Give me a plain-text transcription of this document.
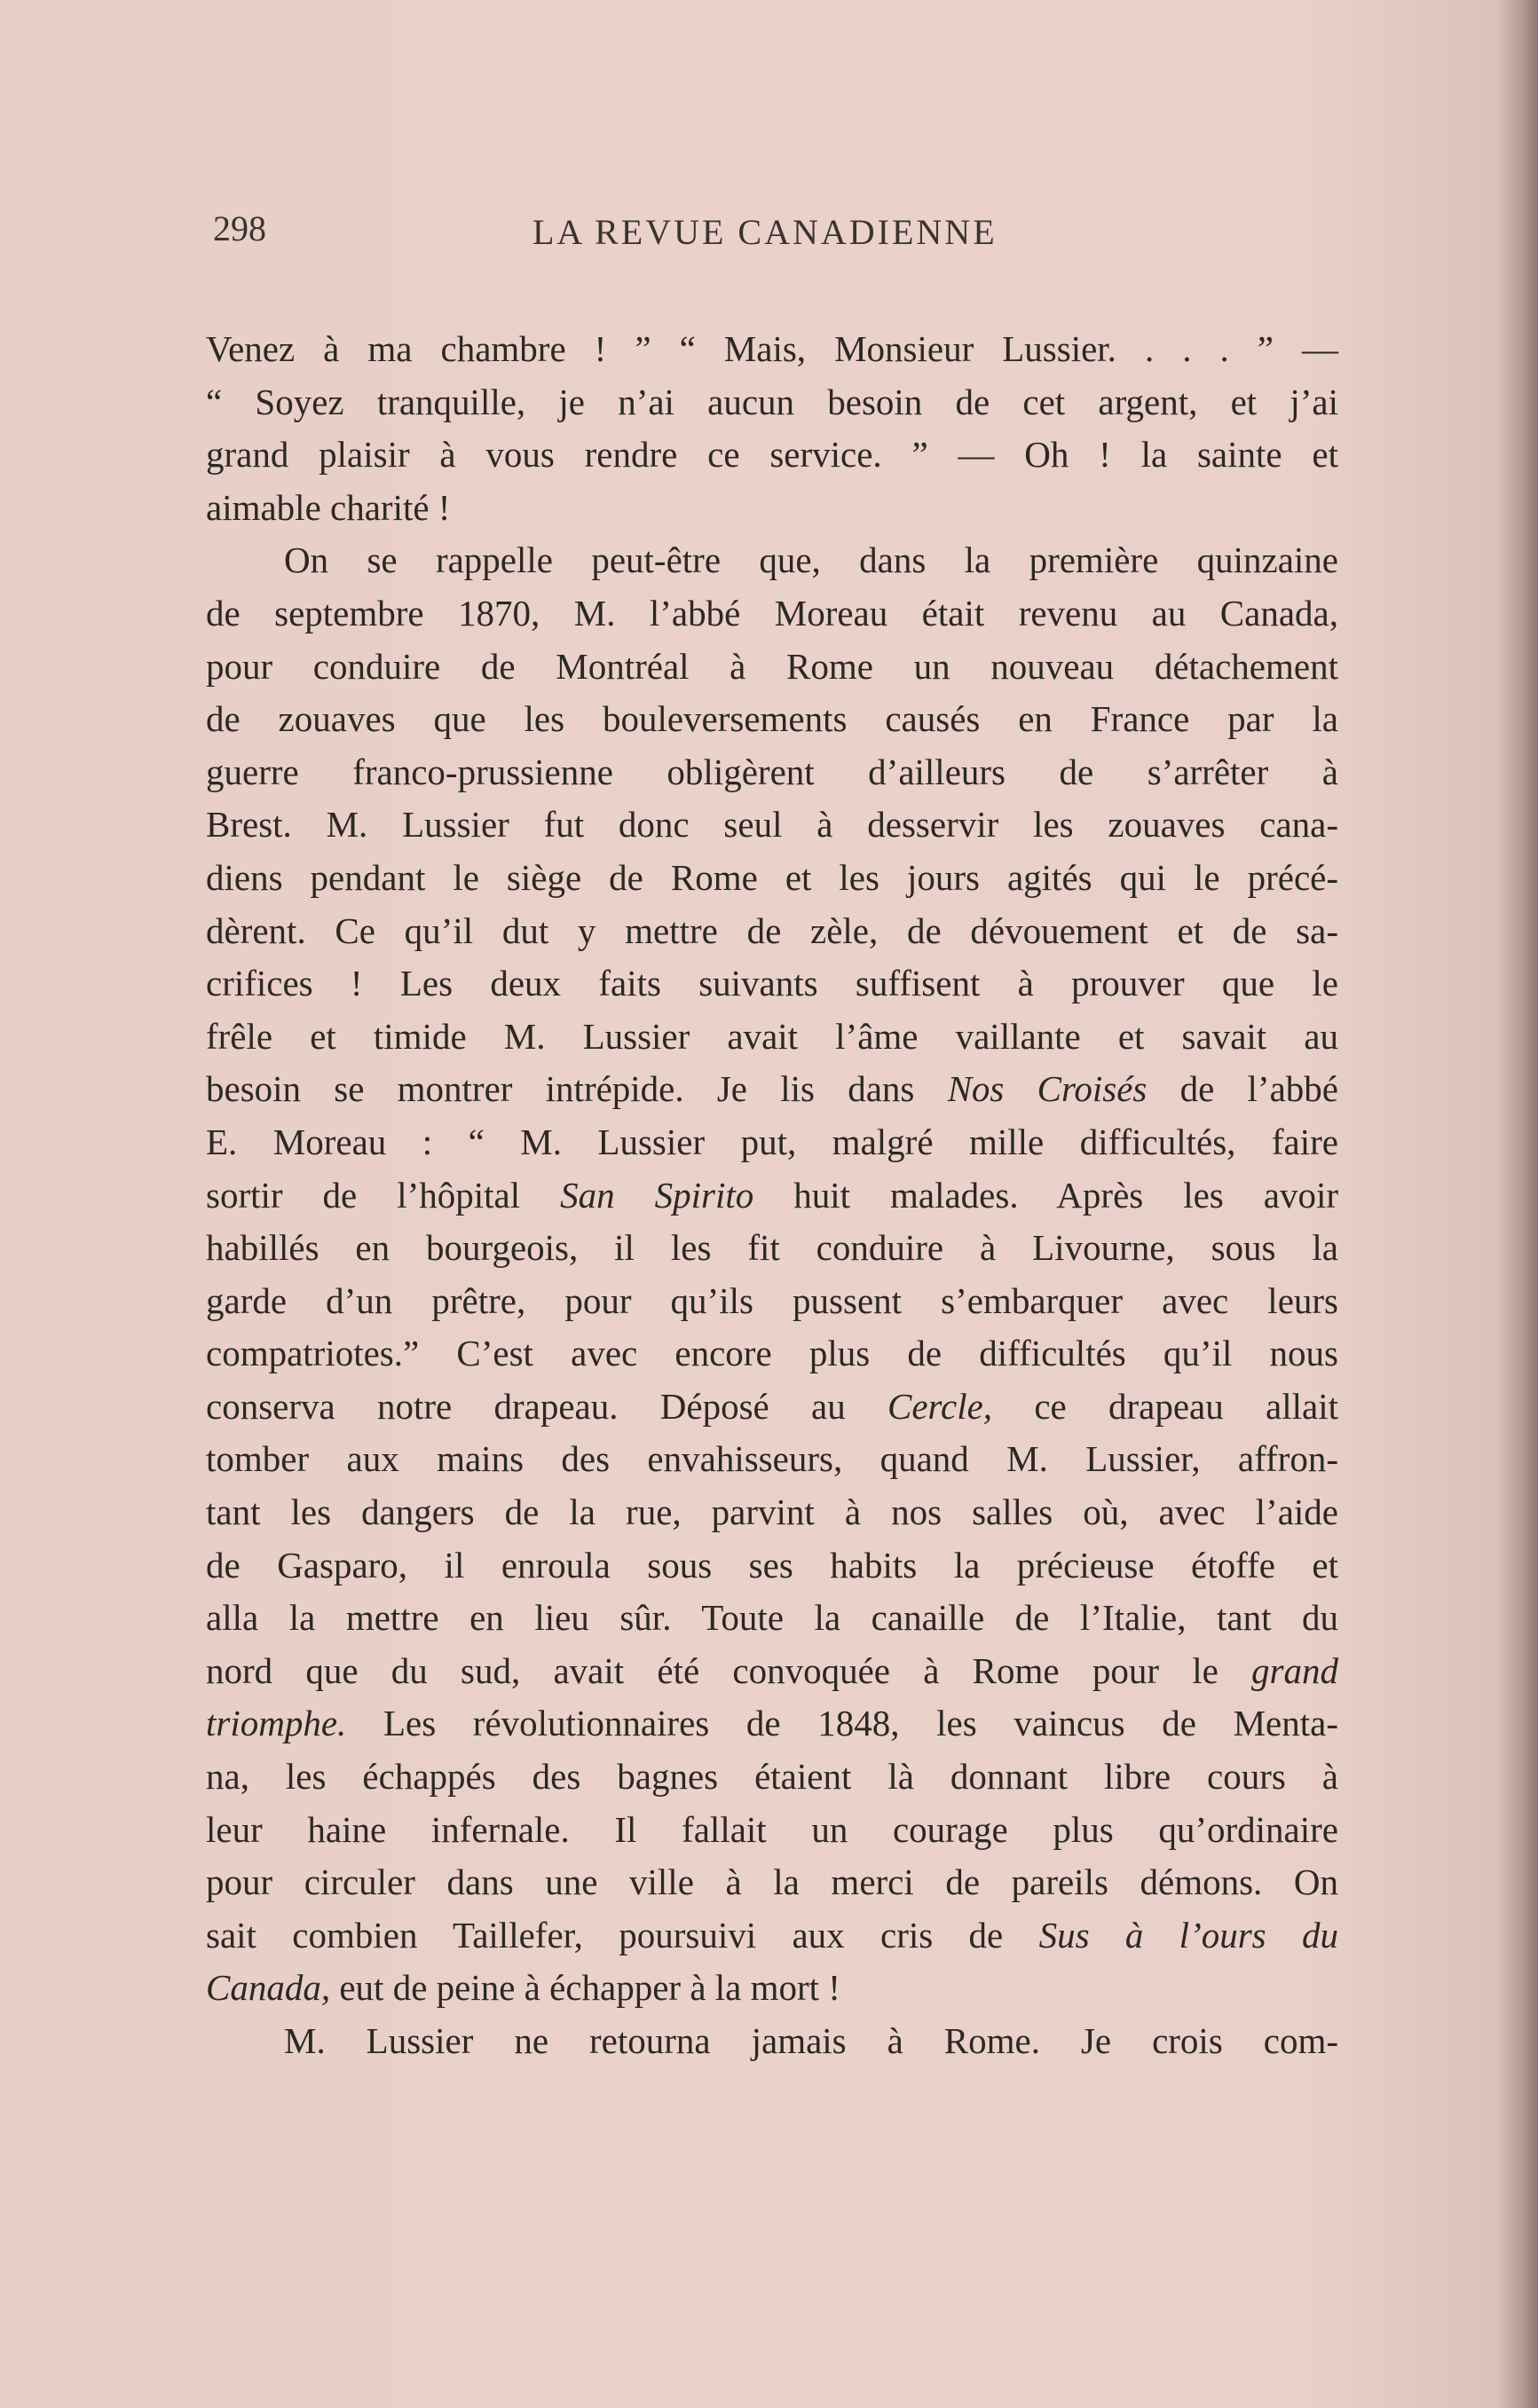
298	LA REVUE CANADIENNE
Venez à ma chambre ! ” “ Mais, Monsieur Lussier. . . . ” —
“ Soyez tranquille, je n’ai aucun besoin de cet argent, et j’ai
grand plaisir à vous rendre ce service. ” — Oh ! la sainte et
aimable charité !
On se rappelle peut-être que, dans la première quinzaine
de septembre 1870, M. l’abbé Moreau était revenu au Canada,
pour conduire de Montréal à Rome un nouveau détachement
de zouaves que les bouleversements causés en France par la
guerre franco-prussienne obligèrent d’ailleurs de s’arrêter à
Brest. M. Lussier fut donc seul à desservir les zouaves cana-
diens pendant le siège de Rome et les jours agités qui le précé-
dèrent. Ce qu’il dut y mettre de zèle, de dévouement et de sa-
crifices ! Les deux faits suivants suffisent à prouver que le
frêle et timide M. Lussier avait l’âme vaillante et savait au
besoin se montrer intrépide. Je lis dans Nos Croisés de l’abbé
E. Moreau : “ M. Lussier put, malgré mille difficultés, faire
sortir de l’hôpital San Spirito huit malades. Après les avoir
habillés en bourgeois, il les fit conduire à Livourne, sous la
garde d’un prêtre, pour qu’ils pussent s’embarquer avec leurs
compatriotes.” C’est avec encore plus de difficultés qu’il nous
conserva notre drapeau. Déposé au Cercle, ce drapeau allait
tomber aux mains des envahisseurs, quand M. Lussier, affron-
tant les dangers de la rue, parvint à nos salles où, avec l’aide
de Gasparo, il enroula sous ses habits la précieuse étoffe et
alla la mettre en lieu sûr. Toute la canaille de l’Italie, tant du
nord que du sud, avait été convoquée à Rome pour le grand
triomphe. Les révolutionnaires de 1848, les vaincus de Menta-
na, les échappés des bagnes étaient là donnant libre cours à
leur haine infernale. Il fallait un courage plus qu’ordinaire
pour circuler dans une ville à la merci de pareils démons. On
sait combien Taillefer, poursuivi aux cris de Sus à l’ours du
Canada, eut de peine à échapper à la mort !
M. Lussier ne retourna jamais à Rome. Je crois com-
